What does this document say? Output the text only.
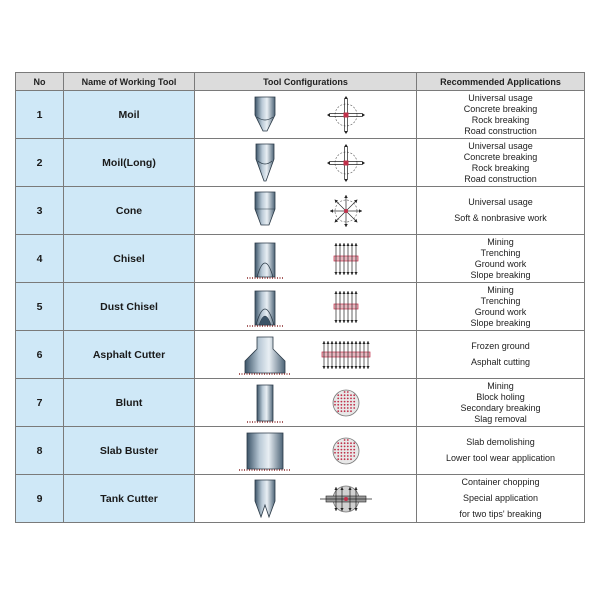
No	Name of Working Tool	Tool Configurations	Recommended Applications
1	Moil		Universal usage
Concrete breaking
Rock breaking
Road construction

2	Moil(Long)		Universal usage
Concrete breaking
Rock breaking
Road construction

3	Cone		Universal usage
Soft & nonbrasive work

4	Chisel		Mining
Trenching
Ground work
Slope breaking

5	Dust Chisel		Mining
Trenching
Ground work
Slope breaking

6	Asphalt Cutter		Frozen ground
Asphalt cutting

7	Blunt		Mining
Block holing
Secondary breaking
Slag removal

8	Slab Buster		Slab demolishing
Lower tool wear application

9	Tank Cutter		Container chopping
Special application
for two tips' breaking
